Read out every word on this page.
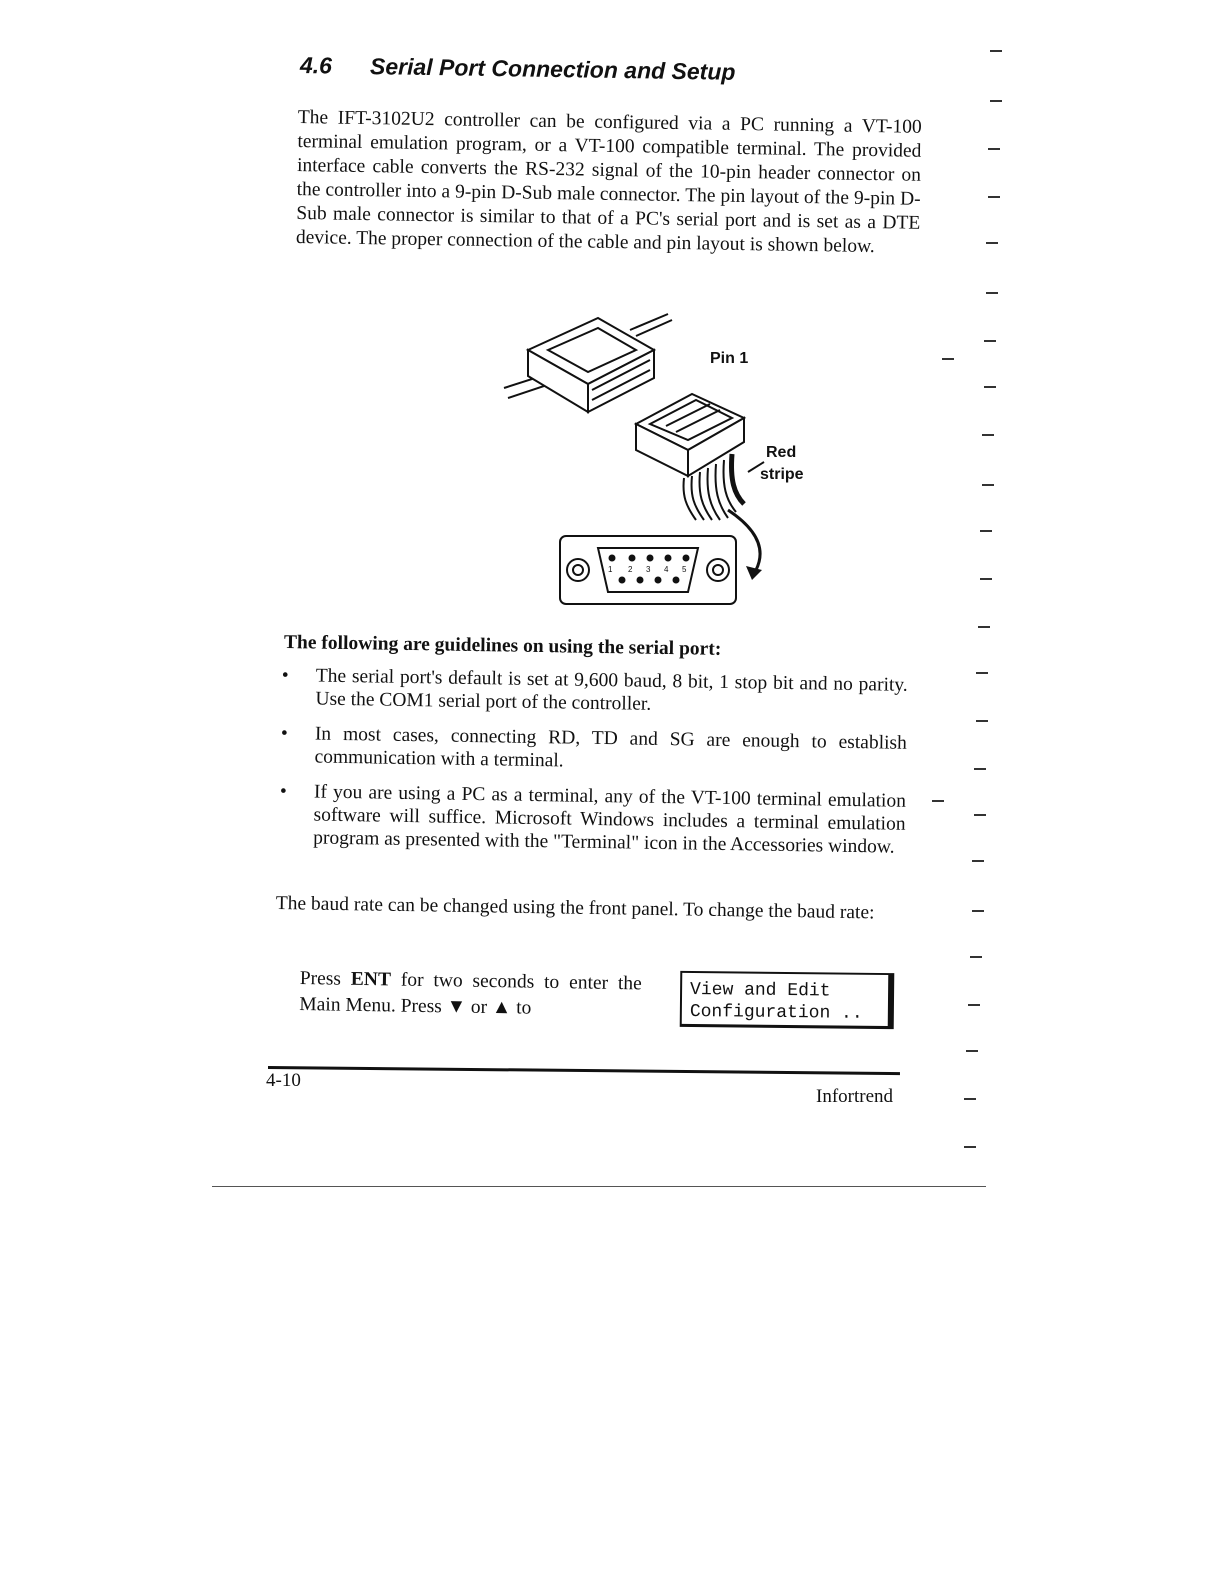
4.6 Serial Port Connection and Setup

The IFT-3102U2 controller can be configured via a PC running a VT-100 terminal emulation program, or a VT-100 compatible terminal. The provided interface cable converts the RS-232 signal of the 10-pin header connector on the controller into a 9-pin D-Sub male connector. The pin layout of the 9-pin D-Sub male connector is similar to that of a PC's serial port and is set as a DTE device. The proper connection of the cable and pin layout is shown below.

1 2 3 4 5
Pin 1
Red
stripe
The following are guidelines on using the serial port:
•	The serial port's default is set at 9,600 baud, 8 bit, 1 stop bit and no parity. Use the COM1 serial port of the controller.
•	In most cases, connecting RD, TD and SG are enough to establish communication with a terminal.
•	If you are using a PC as a terminal, any of the VT-100 terminal emulation software will suffice. Microsoft Windows includes a terminal emulation program as presented with the "Terminal" icon in the Accessories window.

The baud rate can be changed using the front panel. To change the baud rate:

Press ENT for two seconds to enter the Main Menu. Press ▼ or ▲ to

View and Edit
Configuration ..

4-10

Infortrend
